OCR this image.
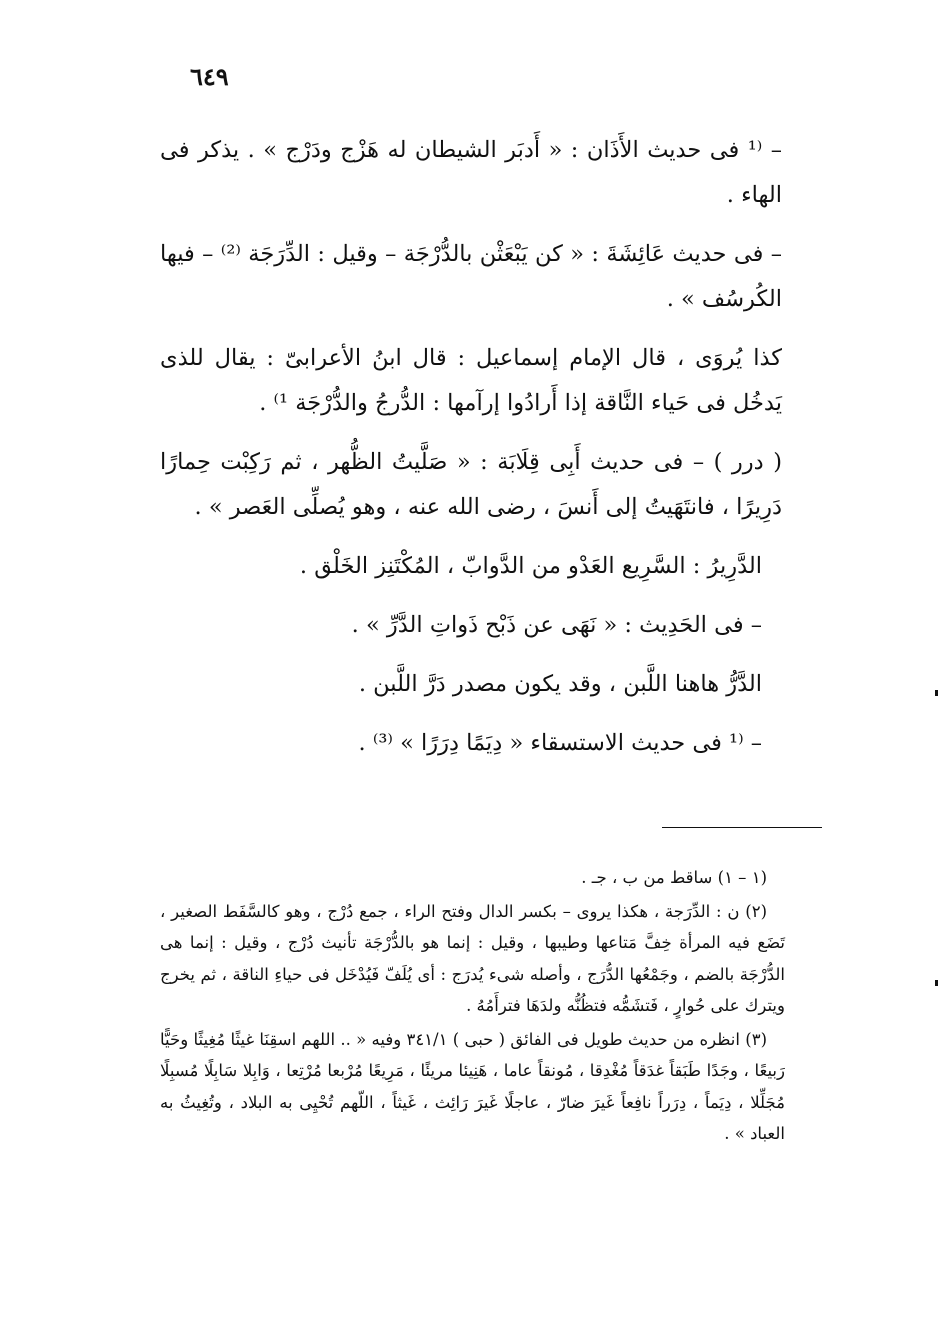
٦٤٩

– ⁽¹ فى حديث الأَذَان : « أَدبَر الشيطان له هَزْج ودَرْج » . يذكر فى الهاء .

– فى حديث عَائِشَةَ : « كن يَبْعَثْن بالدُّرْجَة – وقيل : الدِّرَجَة ⁽²⁾ – فيها الكُرسُف » .

كذا يُروَى ، قال الإمام إسماعيل : قال ابنُ الأعرابىّ : يقال للذى يَدخُل فى حَياء النَّاقة إذا أَرادُوا إرآمها : الدُّرجُ والدُّرْجَة ¹⁾ .

( درر ) – فى حديث أَبِى قِلَابَة : « صَلَّيتُ الظُّهر ، ثم رَكِبْت حِمارًا دَرِيرًا ، فانتَهَيتُ إلى أَنسَ ، رضى الله عنه ، وهو يُصلِّى العَصر » .

الدَّرِيرُ : السَّرِيع العَدْو من الدَّوابّ ، المُكْتَنِز الخَلْق .

– فى الحَدِيث : « نَهَى عن ذَبْح ذَواتِ الدَّرِّ » .

الدَّرُّ هاهنا اللَّبن ، وقد يكون مصدر دَرَّ اللَّبن .

– ⁽¹ فى حديث الاستسقاء « دِيَمًا دِرَرًا » ⁽³⁾ .

(١ – ١) ساقط من ب ، جـ .

(٢) ن : الدِّرَجة ، هكذا يروى – بكسر الدال وفتح الراء ، جمع دُرْج ، وهو كالسَّفَط الصغير ، تَضَع فيه المرأة خِفَّ مَتاعها وطيبها ، وقيل : إنما هو بالدُّرْجَة تأنيث دُرْج ، وقيل : إنما هى الدُّرْجَة بالضم ، وجَمْعُها الدُّرَج ، وأصله شىء يُدرَج : أى يُلَفّ فَيُدْخَل فى حياءِ الناقة ، ثم يخرج ويترك على حُوارٍ ، فَتشَمُّه فتظُنُّه ولدَهَا فترأَمُهُ .

(٣) انظره من حديث طويل فى الفائق ( حبى ) ٣٤١/١ وفيه « .. اللهم اسقِنَا غيثًا مُغِيثًا وحَيًّا رَبيعًا ، وجَدًا طَبَقاً غدَقاً مُغْدِقا ، مُونقاً عاما ، هَنِيئا مريئًا ، مَرِيعًا مُرْبعا مُرْتِعا ، وَابِلا سَابِلًا مُسبِلًا مُجَلِّلا ، دِيَماً ، دِرَراً نافِعاً غَيرَ ضارّ ، عاجلًا غَيرَ رَائِث ، غَيثاً ، اللّهم تُحْيِى به البلاد ، وتُغِيثُ به العباد » .
